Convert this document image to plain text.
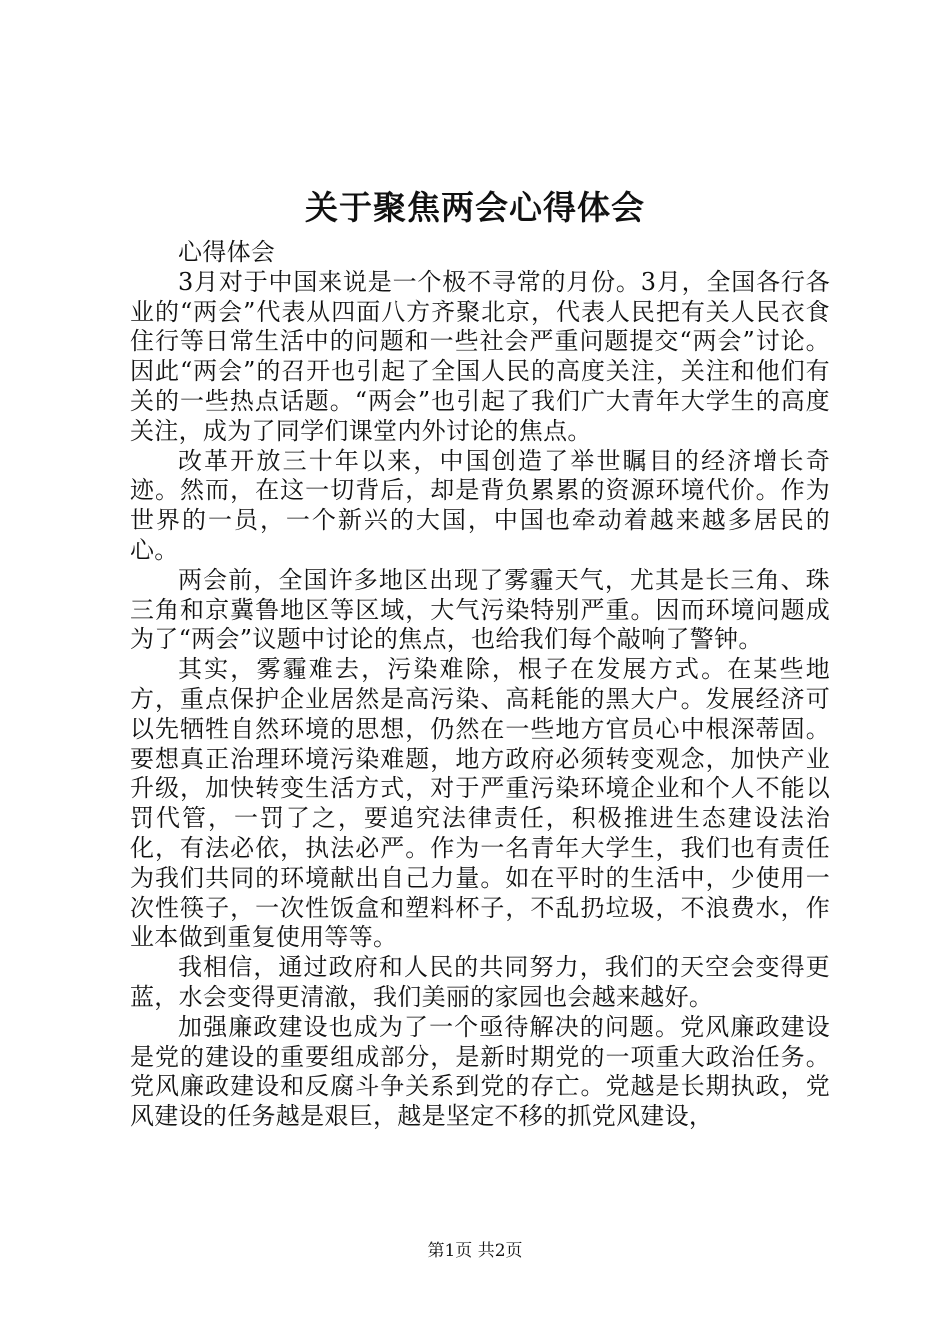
关于聚焦两会心得体会

心得体会

3月对于中国来说是一个极不寻常的月份。3月，全国各行各业的“两会”代表从四面八方齐聚北京，代表人民把有关人民衣食住行等日常生活中的问题和一些社会严重问题提交“两会”讨论。因此“两会”的召开也引起了全国人民的高度关注，关注和他们有关的一些热点话题。“两会”也引起了我们广大青年大学生的高度关注，成为了同学们课堂内外讨论的焦点。

改革开放三十年以来，中国创造了举世瞩目的经济增长奇迹。然而，在这一切背后，却是背负累累的资源环境代价。作为世界的一员，一个新兴的大国，中国也牵动着越来越多居民的心。

两会前，全国许多地区出现了雾霾天气，尤其是长三角、珠三角和京冀鲁地区等区域，大气污染特别严重。因而环境问题成为了“两会”议题中讨论的焦点，也给我们每个敲响了警钟。

其实，雾霾难去，污染难除，根子在发展方式。在某些地方，重点保护企业居然是高污染、高耗能的黑大户。发展经济可以先牺牲自然环境的思想，仍然在一些地方官员心中根深蒂固。要想真正治理环境污染难题，地方政府必须转变观念，加快产业升级，加快转变生活方式，对于严重污染环境企业和个人不能以罚代管，一罚了之，要追究法律责任，积极推进生态建设法治化，有法必依，执法必严。作为一名青年大学生，我们也有责任为我们共同的环境献出自己力量。如在平时的生活中，少使用一次性筷子，一次性饭盒和塑料杯子，不乱扔垃圾，不浪费水，作业本做到重复使用等等。

我相信，通过政府和人民的共同努力，我们的天空会变得更蓝，水会变得更清澈，我们美丽的家园也会越来越好。

加强廉政建设也成为了一个亟待解决的问题。党风廉政建设是党的建设的重要组成部分，是新时期党的一项重大政治任务。党风廉政建设和反腐斗争关系到党的存亡。党越是长期执政，党风建设的任务越是艰巨，越是坚定不移的抓党风建设，

第1页 共2页
